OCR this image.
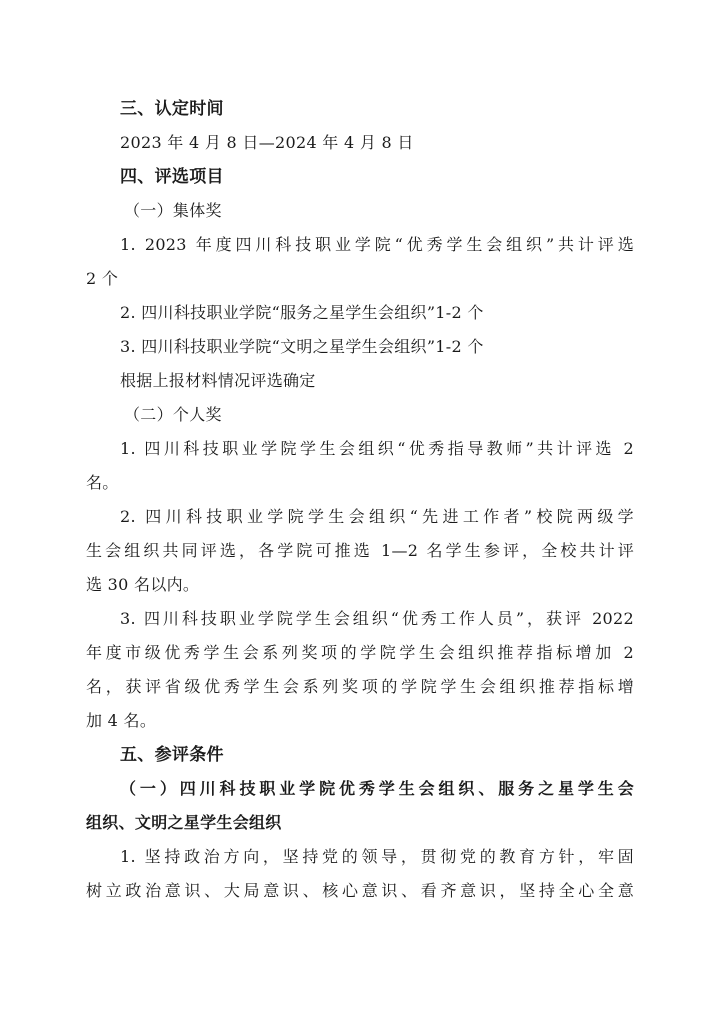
三、认定时间
2023 年 4 月 8 日—2024 年 4 月 8 日
四、评选项目
（一）集体奖
1. 2023 年度四川科技职业学院“优秀学生会组织”共计评选
2 个
2. 四川科技职业学院“服务之星学生会组织”1-2 个
3. 四川科技职业学院“文明之星学生会组织”1-2 个
根据上报材料情况评选确定
（二）个人奖
1. 四川科技职业学院学生会组织“优秀指导教师”共计评选 2
名。
2. 四川科技职业学院学生会组织“先进工作者”校院两级学
生会组织共同评选，各学院可推选 1—2 名学生参评，全校共计评
选 30 名以内。
3. 四川科技职业学院学生会组织“优秀工作人员”，获评 2022
年度市级优秀学生会系列奖项的学院学生会组织推荐指标增加 2
名，获评省级优秀学生会系列奖项的学院学生会组织推荐指标增
加 4 名。
五、参评条件
（一）四川科技职业学院优秀学生会组织、服务之星学生会
组织、文明之星学生会组织
1. 坚持政治方向，坚持党的领导，贯彻党的教育方针，牢固
树立政治意识、大局意识、核心意识、看齐意识，坚持全心全意
